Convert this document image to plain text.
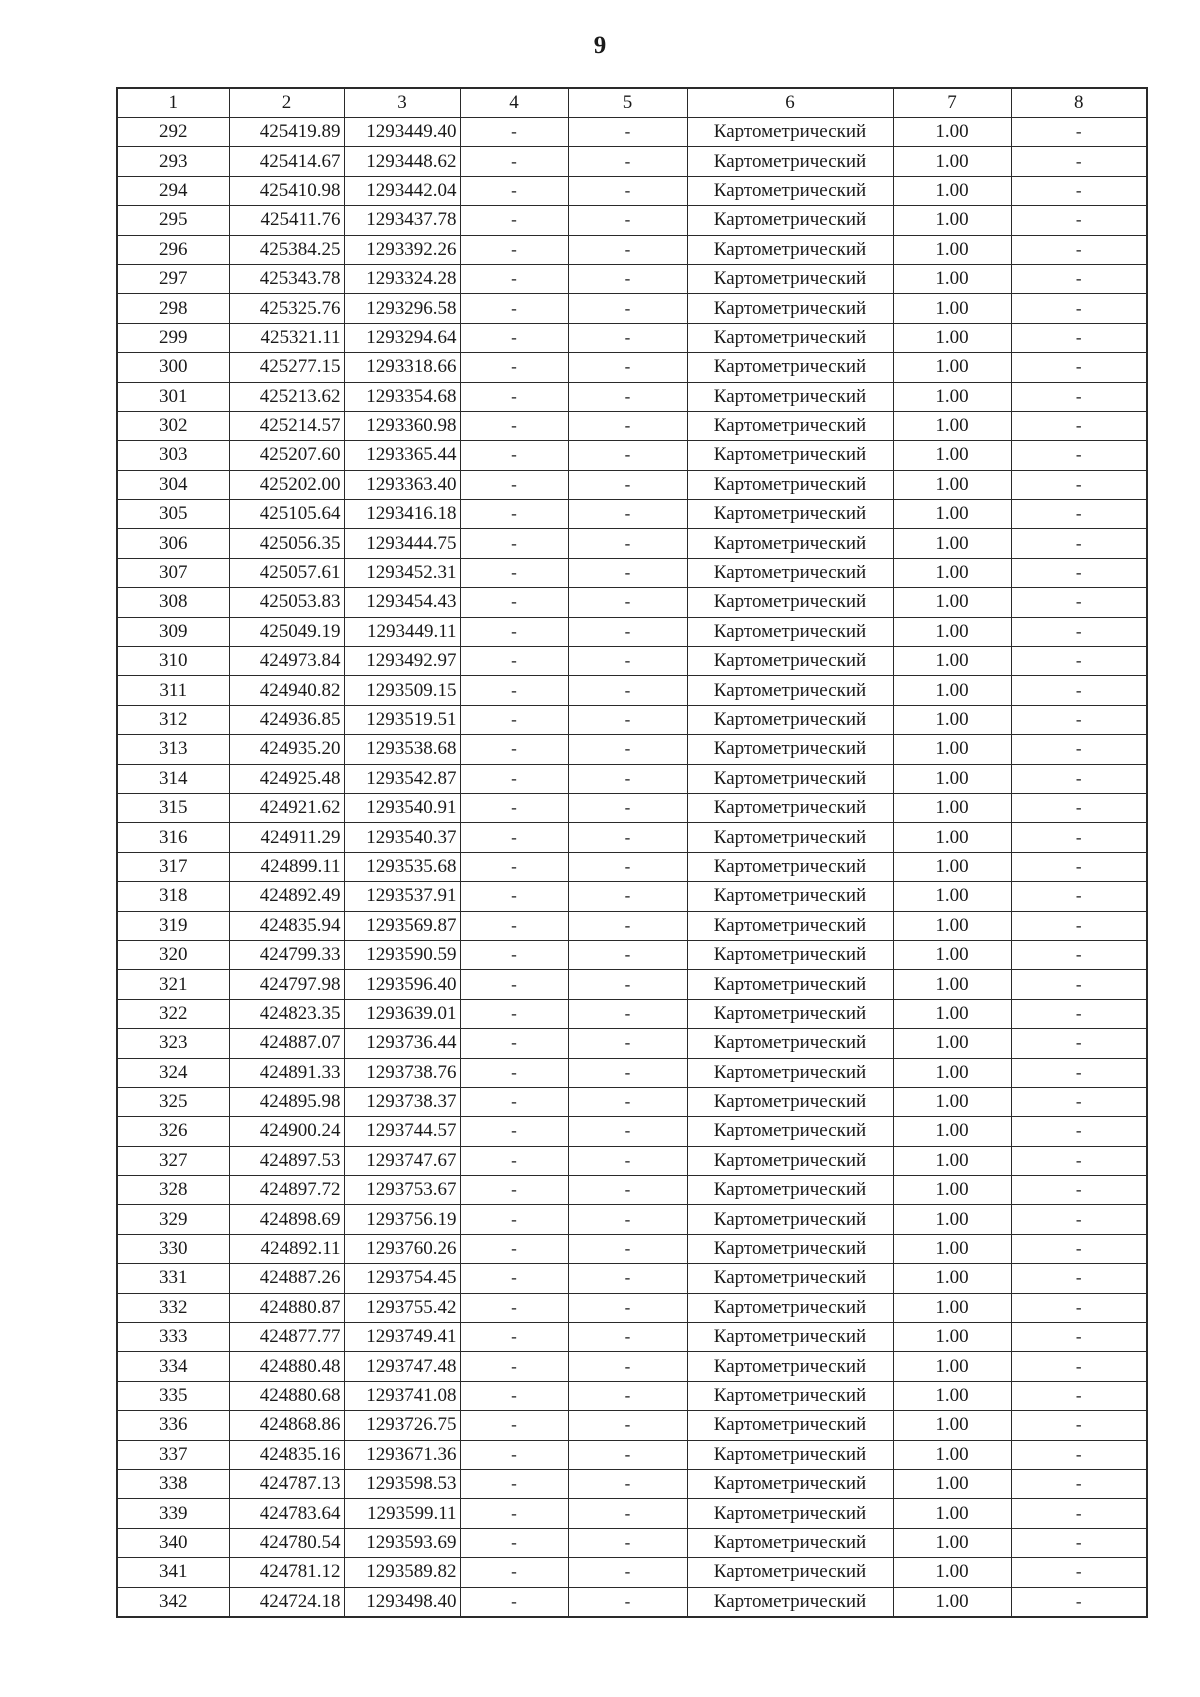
9
1	2	3	4	5	6	7	8
292	425419.89	1293449.40	-	-	Картометрический	1.00	-
293	425414.67	1293448.62	-	-	Картометрический	1.00	-
294	425410.98	1293442.04	-	-	Картометрический	1.00	-
295	425411.76	1293437.78	-	-	Картометрический	1.00	-
296	425384.25	1293392.26	-	-	Картометрический	1.00	-
297	425343.78	1293324.28	-	-	Картометрический	1.00	-
298	425325.76	1293296.58	-	-	Картометрический	1.00	-
299	425321.11	1293294.64	-	-	Картометрический	1.00	-
300	425277.15	1293318.66	-	-	Картометрический	1.00	-
301	425213.62	1293354.68	-	-	Картометрический	1.00	-
302	425214.57	1293360.98	-	-	Картометрический	1.00	-
303	425207.60	1293365.44	-	-	Картометрический	1.00	-
304	425202.00	1293363.40	-	-	Картометрический	1.00	-
305	425105.64	1293416.18	-	-	Картометрический	1.00	-
306	425056.35	1293444.75	-	-	Картометрический	1.00	-
307	425057.61	1293452.31	-	-	Картометрический	1.00	-
308	425053.83	1293454.43	-	-	Картометрический	1.00	-
309	425049.19	1293449.11	-	-	Картометрический	1.00	-
310	424973.84	1293492.97	-	-	Картометрический	1.00	-
311	424940.82	1293509.15	-	-	Картометрический	1.00	-
312	424936.85	1293519.51	-	-	Картометрический	1.00	-
313	424935.20	1293538.68	-	-	Картометрический	1.00	-
314	424925.48	1293542.87	-	-	Картометрический	1.00	-
315	424921.62	1293540.91	-	-	Картометрический	1.00	-
316	424911.29	1293540.37	-	-	Картометрический	1.00	-
317	424899.11	1293535.68	-	-	Картометрический	1.00	-
318	424892.49	1293537.91	-	-	Картометрический	1.00	-
319	424835.94	1293569.87	-	-	Картометрический	1.00	-
320	424799.33	1293590.59	-	-	Картометрический	1.00	-
321	424797.98	1293596.40	-	-	Картометрический	1.00	-
322	424823.35	1293639.01	-	-	Картометрический	1.00	-
323	424887.07	1293736.44	-	-	Картометрический	1.00	-
324	424891.33	1293738.76	-	-	Картометрический	1.00	-
325	424895.98	1293738.37	-	-	Картометрический	1.00	-
326	424900.24	1293744.57	-	-	Картометрический	1.00	-
327	424897.53	1293747.67	-	-	Картометрический	1.00	-
328	424897.72	1293753.67	-	-	Картометрический	1.00	-
329	424898.69	1293756.19	-	-	Картометрический	1.00	-
330	424892.11	1293760.26	-	-	Картометрический	1.00	-
331	424887.26	1293754.45	-	-	Картометрический	1.00	-
332	424880.87	1293755.42	-	-	Картометрический	1.00	-
333	424877.77	1293749.41	-	-	Картометрический	1.00	-
334	424880.48	1293747.48	-	-	Картометрический	1.00	-
335	424880.68	1293741.08	-	-	Картометрический	1.00	-
336	424868.86	1293726.75	-	-	Картометрический	1.00	-
337	424835.16	1293671.36	-	-	Картометрический	1.00	-
338	424787.13	1293598.53	-	-	Картометрический	1.00	-
339	424783.64	1293599.11	-	-	Картометрический	1.00	-
340	424780.54	1293593.69	-	-	Картометрический	1.00	-
341	424781.12	1293589.82	-	-	Картометрический	1.00	-
342	424724.18	1293498.40	-	-	Картометрический	1.00	-
